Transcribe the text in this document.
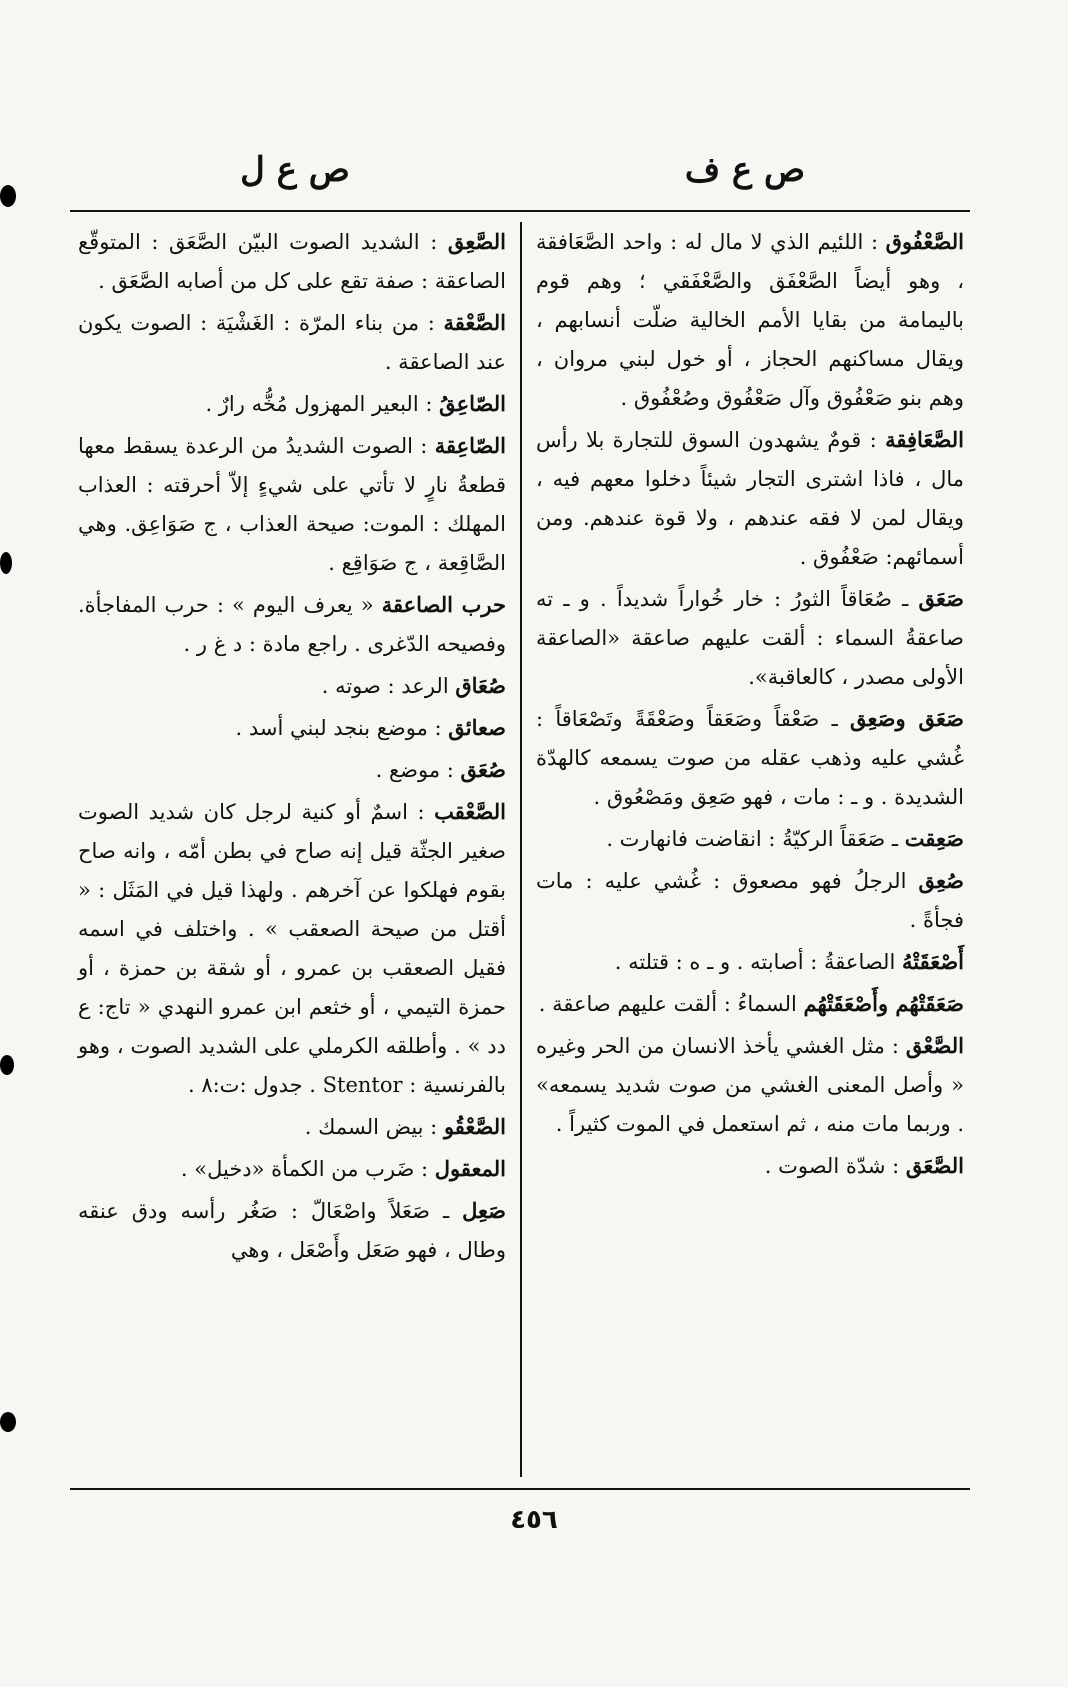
ص ع ف
ص ع ل
الصَّعْفُوق : اللئيم الذي لا مال له : واحد الصَّعَافقة ، وهو أيضاً الصَّعْفَق والصَّعْفَقي ؛ وهم قوم باليمامة من بقايا الأمم الخالية ضلّت أنسابهم ، ويقال مساكنهم الحجاز ، أو خول لبني مروان ، وهم بنو صَعْفُوق وآل صَعْفُوق وصُعْفُوق .
الصَّعَافِقة : قومٌ يشهدون السوق للتجارة بلا رأس مال ، فاذا اشترى التجار شيئاً دخلوا معهم فيه ، ويقال لمن لا فقه عندهم ، ولا قوة عندهم. ومن أسمائهم: صَعْفُوق .
صَعَق ـ صُعَاقاً الثورُ : خار خُواراً شديداً . و ـ ته صاعقةُ السماء : ألقت عليهم صاعقة «الصاعقة الأولى مصدر ، كالعاقبة».
صَعَق وصَعِق ـ صَعْقاً وصَعَقاً وصَعْقَةً وتَصْعَاقاً : غُشي عليه وذهب عقله من صوت يسمعه كالهدّة الشديدة . و ـ : مات ، فهو صَعِق ومَصْعُوق .
صَعِقت ـ صَعَقاً الركيّةُ : انقاضت فانهارت .
صُعِق الرجلُ فهو مصعوق : غُشي عليه : مات فجأةً .
أَصْعَقَتْهُ الصاعقةُ : أصابته . و ـ ه : قتلته .
صَعَقَتْهُم وأَصْعَقَتْهُم السماءُ : ألقت عليهم صاعقة .
الصَّعْق : مثل الغشي يأخذ الانسان من الحر وغيره « وأصل المعنى الغشي من صوت شديد يسمعه» . وربما مات منه ، ثم استعمل في الموت كثيراً .
الصَّعَق : شدّة الصوت .
الصَّعِق : الشديد الصوت البيّن الصَّعَق : المتوقّع الصاعقة : صفة تقع على كل من أصابه الصَّعَق .
الصَّعْقة : من بناء المرّة : الغَشْيَة : الصوت يكون عند الصاعقة .
الصّاعِقُ : البعير المهزول مُخُّه رارٌ .
الصّاعِقة : الصوت الشديدُ من الرعدة يسقط معها قطعةُ نارٍ لا تأتي على شيءٍ إلاّ أحرقته : العذاب المهلك : الموت: صيحة العذاب ، ج صَوَاعِق. وهي الصَّاقِعة ، ج صَوَاقِع .
حرب الصاعقة « يعرف اليوم » : حرب المفاجأة. وفصيحه الدّغرى . راجع مادة : د غ ر .
صُعَاق الرعد : صوته .
صعائق : موضع بنجد لبني أسد .
صُعَق : موضع .
الصَّعْقب : اسمٌ أو كنية لرجل كان شديد الصوت صغير الجثّة قيل إنه صاح في بطن أمّه ، وانه صاح بقوم فهلكوا عن آخرهم . ولهذا قيل في المَثَل : « أقتل من صيحة الصعقب » . واختلف في اسمه فقيل الصعقب بن عمرو ، أو شقة بن حمزة ، أو حمزة التيمي ، أو خثعم ابن عمرو النهدي « تاج: ع دد » . وأطلقه الكرملي على الشديد الصوت ، وهو بالفرنسية : Stentor . جدول :ت:٨ .
الصَّعْقُو : بيض السمك .
المعقول : ضَرب من الكمأة «دخيل» .
صَعِل ـ صَعَلاً واصْعَالّ : صَغُر رأسه ودق عنقه وطال ، فهو صَعَل وأَصْعَل ، وهي
٤٥٦
